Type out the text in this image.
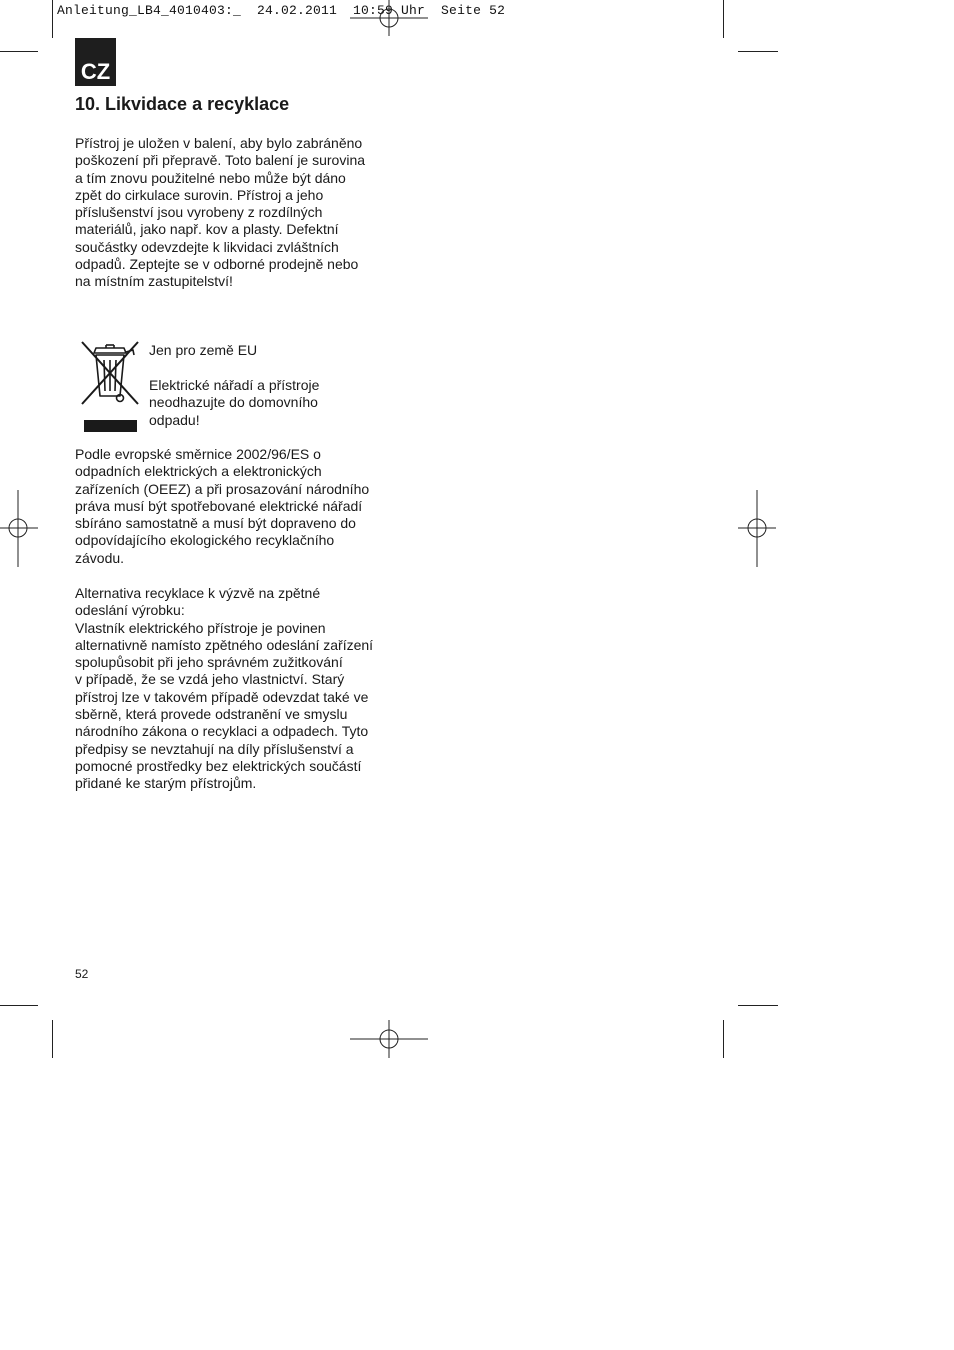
Anleitung_LB4_4010403:_  24.02.2011  10:59 Uhr  Seite 52
CZ
10. Likvidace a recyklace

Přístroj je uložen v balení, aby bylo zabráněno
poškození při přepravě. Toto balení je surovina
a tím znovu použitelné nebo může být dáno
zpět do cirkulace surovin. Přístroj a jeho
příslušenství jsou vyrobeny z rozdílných
materiálů, jako např. kov a plasty. Defektní
součástky odevzdejte k likvidaci zvláštních
odpadů. Zeptejte se v odborné prodejně nebo
na místním zastupitelství!

Jen pro země EU

Elektrické nářadí a přístroje
neodhazujte do domovního
odpadu!

Podle evropské směrnice 2002/96/ES o
odpadních elektrických a elektronických
zařízeních (OEEZ) a při prosazování národního
práva musí být spotřebované elektrické nářadí
sbíráno samostatně a musí být dopraveno do
odpovídajícího ekologického recyklačního
závodu.

Alternativa recyklace k výzvě na zpětné
odeslání výrobku:
Vlastník elektrického přístroje je povinen
alternativně namísto zpětného odeslání zařízení
spolupůsobit při jeho správném zužitkování
v případě, že se vzdá jeho vlastnictví. Starý
přístroj lze v takovém případě odevzdat také ve
sběrně, která provede odstranění ve smyslu
národního zákona o recyklaci a odpadech. Tyto
předpisy se nevztahují na díly příslušenství a
pomocné prostředky bez elektrických součástí
přidané ke starým přístrojům.

52
